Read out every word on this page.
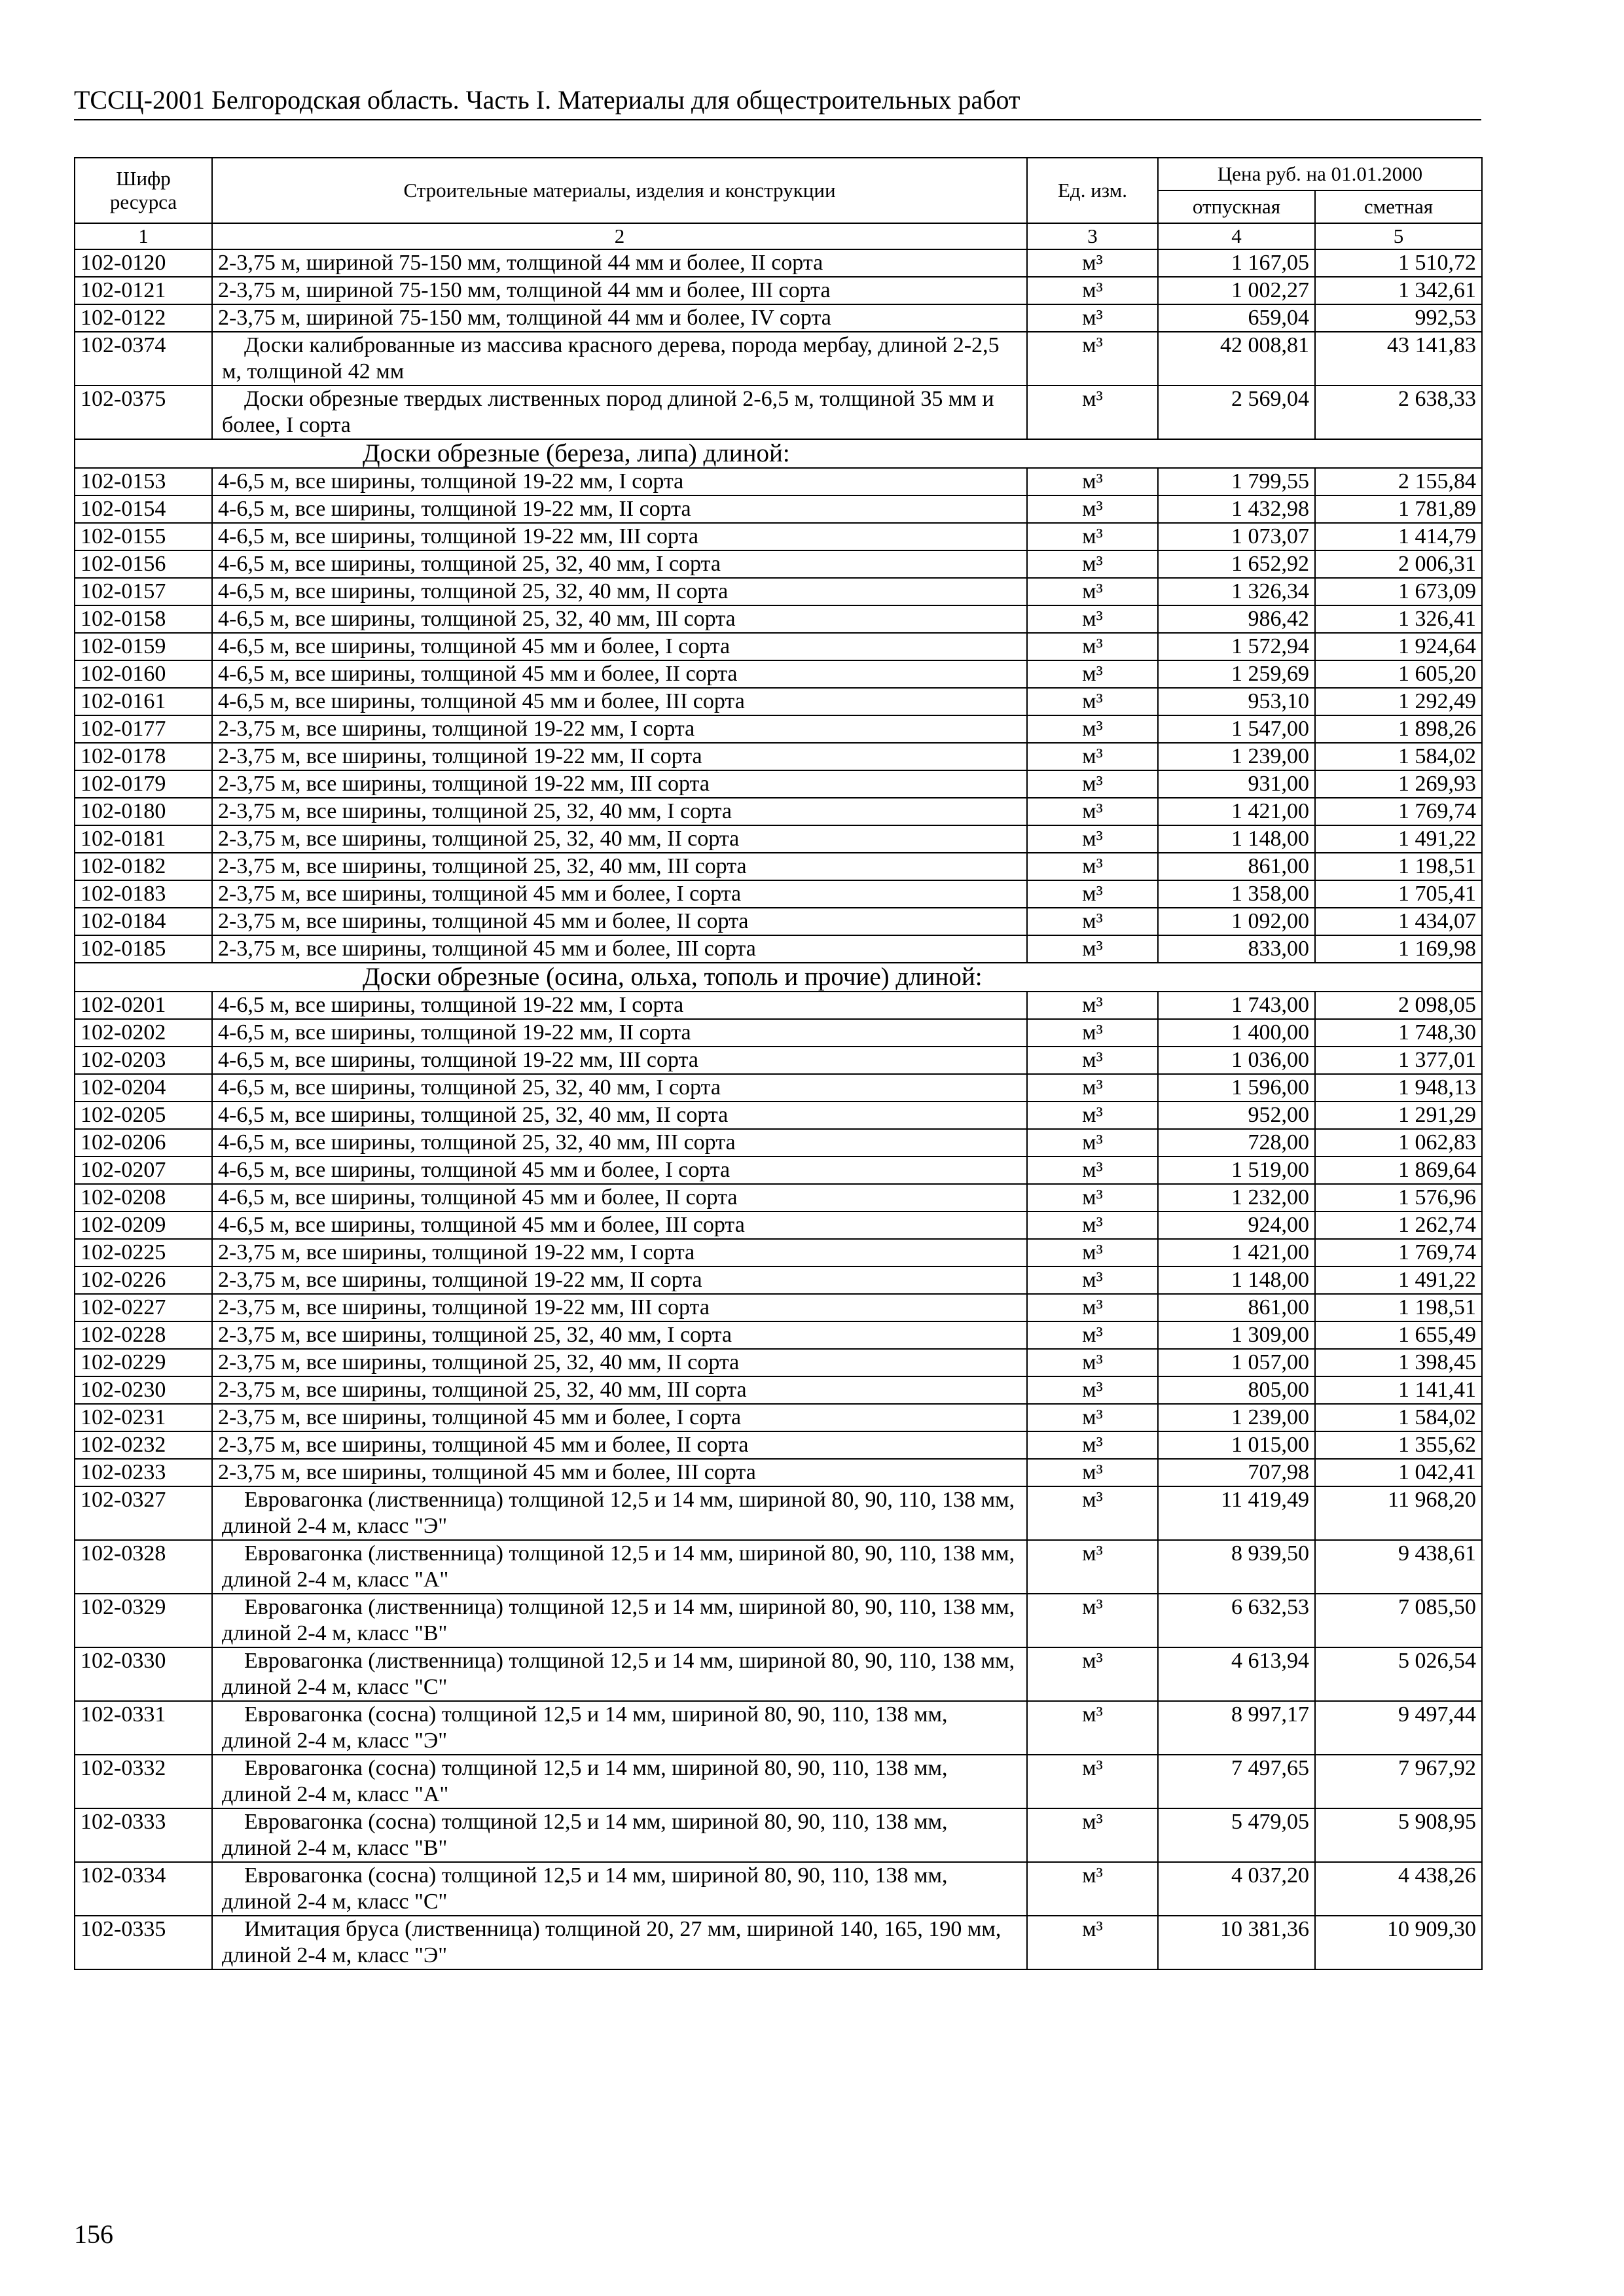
ТССЦ-2001 Белгородская область. Часть I. Материалы для общестроительных работ
Шифр ресурса	Строительные материалы, изделия и конструкции	Ед. изм.	Цена руб. на 01.01.2000	
			отпускная	сметная
1	2	3	4	5
102-0120	2-3,75 м, шириной 75-150 мм, толщиной 44 мм и более, II сорта	м³	1 167,05	1 510,72
102-0121	2-3,75 м, шириной 75-150 мм, толщиной 44 мм и более, III сорта	м³	1 002,27	1 342,61
102-0122	2-3,75 м, шириной 75-150 мм, толщиной 44 мм и более, IV сорта	м³	659,04	992,53
102-0374	Доски калиброванные из массива красного дерева, порода мербау, длиной 2-2,5 м, толщиной 42 мм	м³	42 008,81	43 141,83
102-0375	Доски обрезные твердых лиственных пород длиной 2-6,5 м, толщиной 35 мм и более, I сорта	м³	2 569,04	2 638,33
	Доски обрезные (береза, липа) длиной:			
102-0153	4-6,5 м, все ширины, толщиной 19-22 мм, I сорта	м³	1 799,55	2 155,84
102-0154	4-6,5 м, все ширины, толщиной 19-22 мм, II сорта	м³	1 432,98	1 781,89
102-0155	4-6,5 м, все ширины, толщиной 19-22 мм, III сорта	м³	1 073,07	1 414,79
102-0156	4-6,5 м, все ширины, толщиной 25, 32, 40 мм, I сорта	м³	1 652,92	2 006,31
102-0157	4-6,5 м, все ширины, толщиной 25, 32, 40 мм, II сорта	м³	1 326,34	1 673,09
102-0158	4-6,5 м, все ширины, толщиной 25, 32, 40 мм, III сорта	м³	986,42	1 326,41
102-0159	4-6,5 м, все ширины, толщиной 45 мм и более, I сорта	м³	1 572,94	1 924,64
102-0160	4-6,5 м, все ширины, толщиной 45 мм и более, II сорта	м³	1 259,69	1 605,20
102-0161	4-6,5 м, все ширины, толщиной 45 мм и более, III сорта	м³	953,10	1 292,49
102-0177	2-3,75 м, все ширины, толщиной 19-22 мм, I сорта	м³	1 547,00	1 898,26
102-0178	2-3,75 м, все ширины, толщиной 19-22 мм, II сорта	м³	1 239,00	1 584,02
102-0179	2-3,75 м, все ширины, толщиной 19-22 мм, III сорта	м³	931,00	1 269,93
102-0180	2-3,75 м, все ширины, толщиной 25, 32, 40 мм, I сорта	м³	1 421,00	1 769,74
102-0181	2-3,75 м, все ширины, толщиной 25, 32, 40 мм, II сорта	м³	1 148,00	1 491,22
102-0182	2-3,75 м, все ширины, толщиной 25, 32, 40 мм, III сорта	м³	861,00	1 198,51
102-0183	2-3,75 м, все ширины, толщиной 45 мм и более, I сорта	м³	1 358,00	1 705,41
102-0184	2-3,75 м, все ширины, толщиной 45 мм и более, II сорта	м³	1 092,00	1 434,07
102-0185	2-3,75 м, все ширины, толщиной 45 мм и более, III сорта	м³	833,00	1 169,98
	Доски обрезные (осина, ольха, тополь и прочие) длиной:			
102-0201	4-6,5 м, все ширины, толщиной 19-22 мм, I сорта	м³	1 743,00	2 098,05
102-0202	4-6,5 м, все ширины, толщиной 19-22 мм, II сорта	м³	1 400,00	1 748,30
102-0203	4-6,5 м, все ширины, толщиной 19-22 мм, III сорта	м³	1 036,00	1 377,01
102-0204	4-6,5 м, все ширины, толщиной 25, 32, 40 мм, I сорта	м³	1 596,00	1 948,13
102-0205	4-6,5 м, все ширины, толщиной 25, 32, 40 мм, II сорта	м³	952,00	1 291,29
102-0206	4-6,5 м, все ширины, толщиной 25, 32, 40 мм, III сорта	м³	728,00	1 062,83
102-0207	4-6,5 м, все ширины, толщиной 45 мм и более, I сорта	м³	1 519,00	1 869,64
102-0208	4-6,5 м, все ширины, толщиной 45 мм и более, II сорта	м³	1 232,00	1 576,96
102-0209	4-6,5 м, все ширины, толщиной 45 мм и более, III сорта	м³	924,00	1 262,74
102-0225	2-3,75 м, все ширины, толщиной 19-22 мм, I сорта	м³	1 421,00	1 769,74
102-0226	2-3,75 м, все ширины, толщиной 19-22 мм, II сорта	м³	1 148,00	1 491,22
102-0227	2-3,75 м, все ширины, толщиной 19-22 мм, III сорта	м³	861,00	1 198,51
102-0228	2-3,75 м, все ширины, толщиной 25, 32, 40 мм, I сорта	м³	1 309,00	1 655,49
102-0229	2-3,75 м, все ширины, толщиной 25, 32, 40 мм, II сорта	м³	1 057,00	1 398,45
102-0230	2-3,75 м, все ширины, толщиной 25, 32, 40 мм, III сорта	м³	805,00	1 141,41
102-0231	2-3,75 м, все ширины, толщиной 45 мм и более, I сорта	м³	1 239,00	1 584,02
102-0232	2-3,75 м, все ширины, толщиной 45 мм и более, II сорта	м³	1 015,00	1 355,62
102-0233	2-3,75 м, все ширины, толщиной 45 мм и более, III сорта	м³	707,98	1 042,41
102-0327	Евровагонка (лиственница) толщиной 12,5 и 14 мм, шириной 80, 90, 110, 138 мм, длиной 2-4 м, класс "Э"	м³	11 419,49	11 968,20
102-0328	Евровагонка (лиственница) толщиной 12,5 и 14 мм, шириной 80, 90, 110, 138 мм, длиной 2-4 м, класс "А"	м³	8 939,50	9 438,61
102-0329	Евровагонка (лиственница) толщиной 12,5 и 14 мм, шириной 80, 90, 110, 138 мм, длиной 2-4 м, класс "В"	м³	6 632,53	7 085,50
102-0330	Евровагонка (лиственница) толщиной 12,5 и 14 мм, шириной 80, 90, 110, 138 мм, длиной 2-4 м, класс "С"	м³	4 613,94	5 026,54
102-0331	Евровагонка (сосна) толщиной 12,5 и 14 мм, шириной 80, 90, 110, 138 мм, длиной 2-4 м, класс "Э"	м³	8 997,17	9 497,44
102-0332	Евровагонка (сосна) толщиной 12,5 и 14 мм, шириной 80, 90, 110, 138 мм, длиной 2-4 м, класс "А"	м³	7 497,65	7 967,92
102-0333	Евровагонка (сосна) толщиной 12,5 и 14 мм, шириной 80, 90, 110, 138 мм, длиной 2-4 м, класс "В"	м³	5 479,05	5 908,95
102-0334	Евровагонка (сосна) толщиной 12,5 и 14 мм, шириной 80, 90, 110, 138 мм, длиной 2-4 м, класс "С"	м³	4 037,20	4 438,26
102-0335	Имитация бруса (лиственница) толщиной 20, 27 мм, шириной 140, 165, 190 мм, длиной 2-4 м, класс "Э"	м³	10 381,36	10 909,30
156
